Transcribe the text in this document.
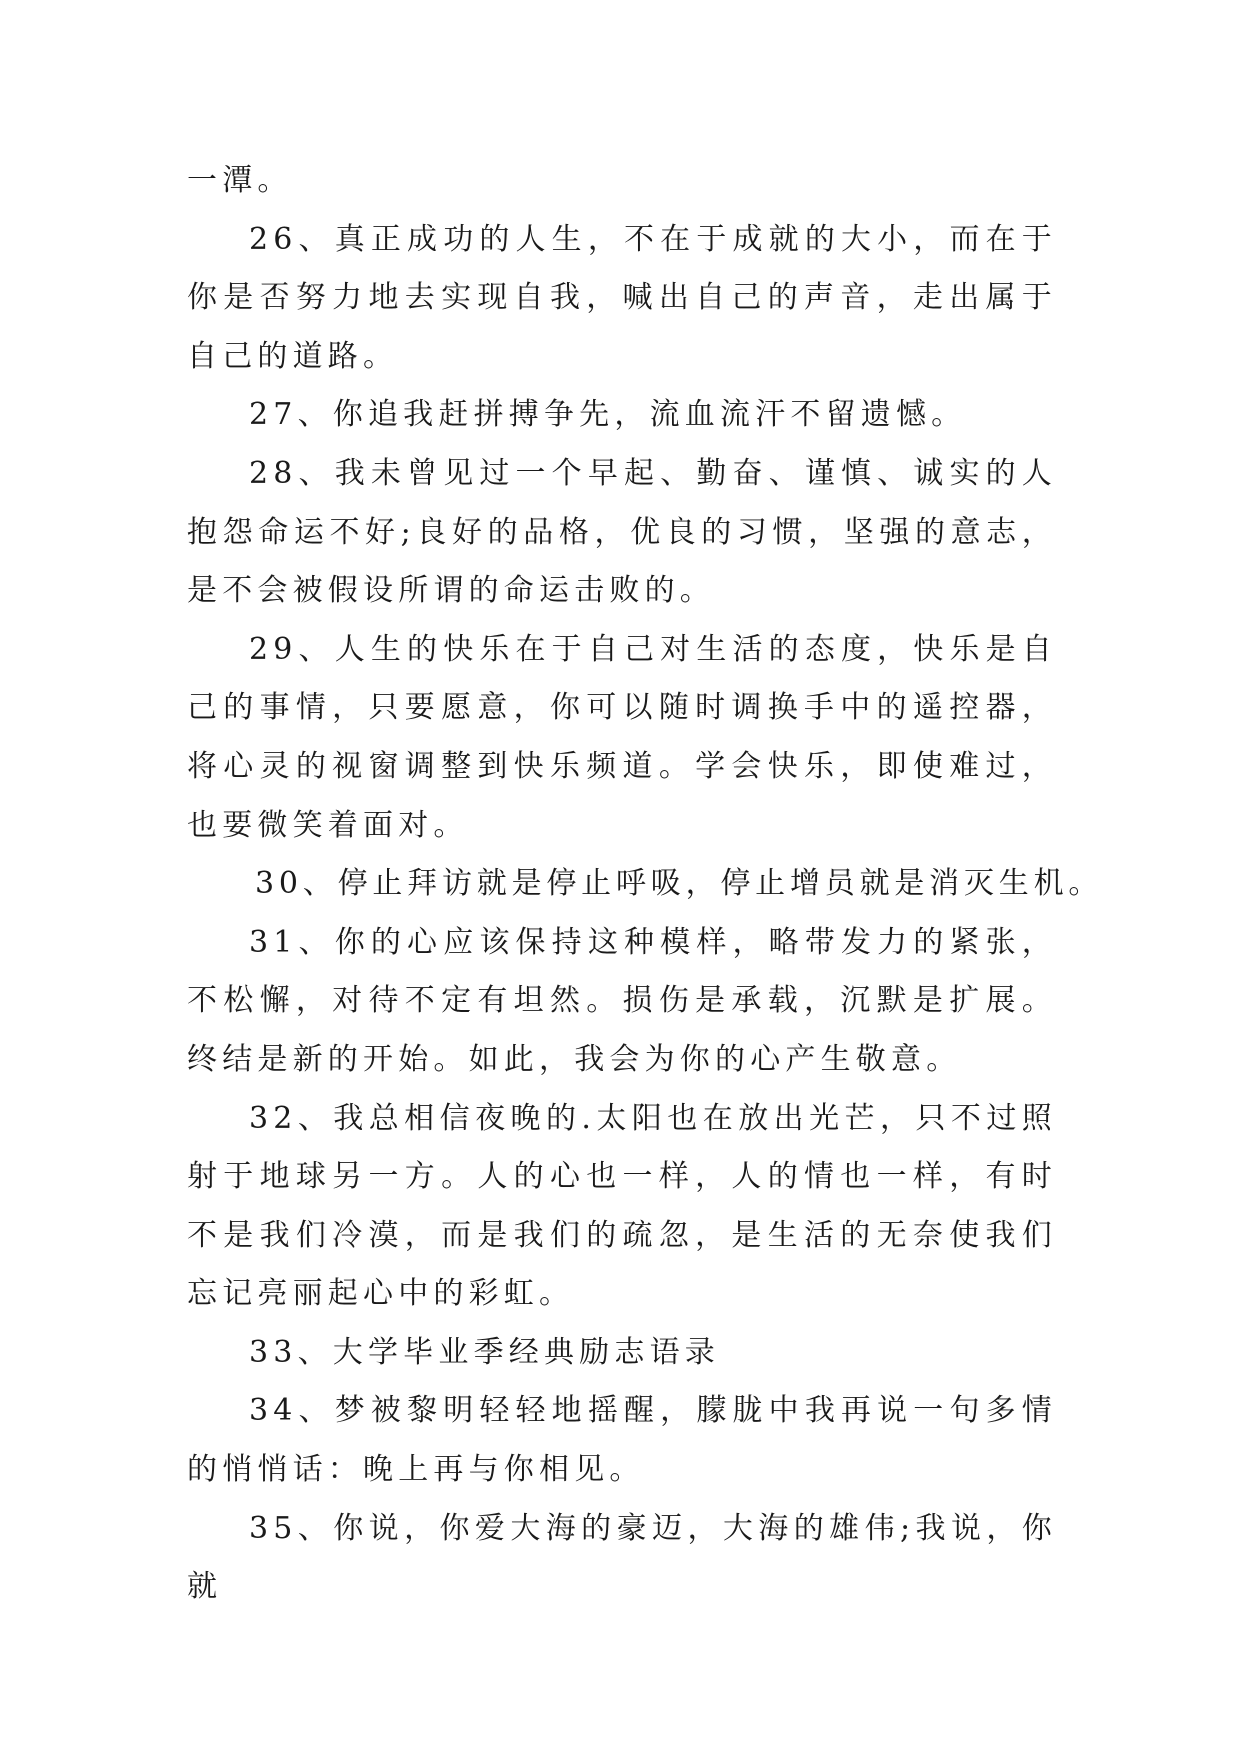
一潭。

26、真正成功的人生，不在于成就的大小，而在于你是否努力地去实现自我，喊出自己的声音，走出属于自己的道路。

27、你追我赶拼搏争先，流血流汗不留遗憾。

28、我未曾见过一个早起、勤奋、谨慎、诚实的人抱怨命运不好;良好的品格，优良的习惯，坚强的意志，是不会被假设所谓的命运击败的。

29、人生的快乐在于自己对生活的态度，快乐是自己的事情，只要愿意，你可以随时调换手中的遥控器，将心灵的视窗调整到快乐频道。学会快乐，即使难过，也要微笑着面对。

30、停止拜访就是停止呼吸，停止增员就是消灭生机。

31、你的心应该保持这种模样，略带发力的紧张，不松懈，对待不定有坦然。损伤是承载，沉默是扩展。终结是新的开始。如此，我会为你的心产生敬意。

32、我总相信夜晚的.太阳也在放出光芒，只不过照射于地球另一方。人的心也一样，人的情也一样，有时不是我们冷漠，而是我们的疏忽，是生活的无奈使我们忘记亮丽起心中的彩虹。

33、大学毕业季经典励志语录

34、梦被黎明轻轻地摇醒，朦胧中我再说一句多情的悄悄话：晚上再与你相见。

35、你说，你爱大海的豪迈，大海的雄伟;我说，你就
